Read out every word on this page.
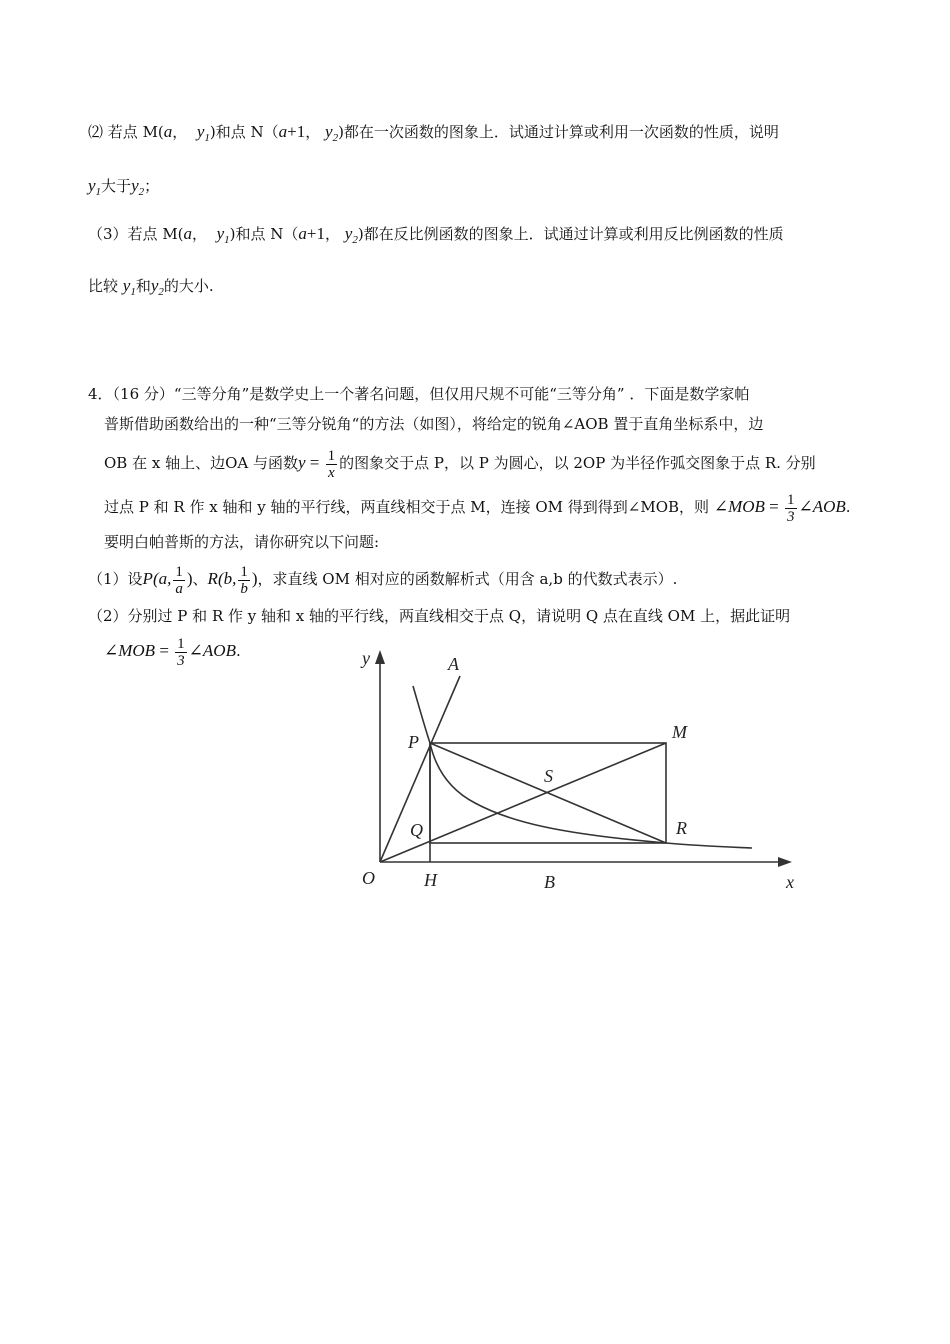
⑵ 若点 M(a， $y_1$)和点 N（a+1， $y_2$)都在一次函数的图象上．试通过计算或利用一次函数的性质，说明
$y_1$大于$y_2$；
（3）若点 M(a， $y_1$)和点 N（a+1， $y_2$)都在反比例函数的图象上．试通过计算或利用反比例函数的性质
比较 $y_1$和$y_2$的大小.
4．（16 分）“三等分角”是数学史上一个著名问题，但仅用尺规不可能“三等分角” ．下面是数学家帕
普斯借助函数给出的一种“三等分锐角“的方法（如图），将给定的锐角∠AOB 置于直角坐标系中，边
OB 在 x 轴上、边OA 与函数$y = \frac{1}{x}$ 的图象交于点 P，以 P 为圆心，以 2OP 为半径作弧交图象于点 R. 分别
过点 P 和 R 作 x 轴和 y 轴的平行线，两直线相交于点 M，连接 OM 得到得到∠MOB，则 ∠MOB = $\frac{1}{3}$ ∠AOB.
要明白帕普斯的方法，请你研究以下问题:
（1）设P(a, $\frac{1}{a}$ )、R(b, $\frac{1}{b}$ )，求直线 OM 相对应的函数解析式（用含 a,b 的代数式表示）.
（2）分别过 P 和 R 作 y 轴和 x 轴的平行线，两直线相交于点 Q，请说明 Q 点在直线 OM 上，据此证明
∠MOB = $\frac{1}{3}$ ∠AOB.	y	A
P	M
S
Q	R
O	H	B	x
